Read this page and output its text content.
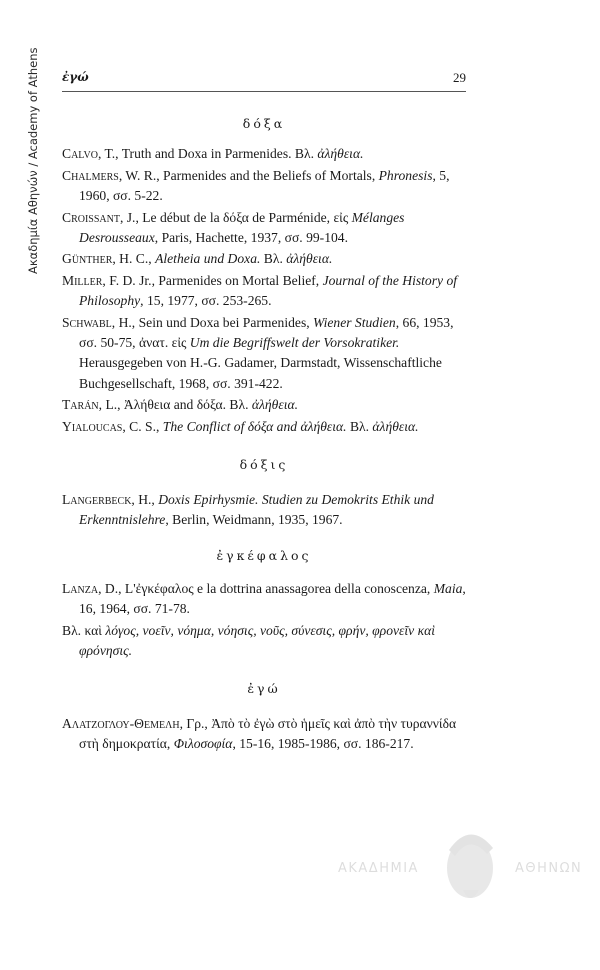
Ακαδημία Αθηνών / Academy of Athens ἐγώ	29
δόξα
Calvo, T., Truth and Doxa in Parmenides. Βλ. ἀλήθεια.
Chalmers, W. R., Parmenides and the Beliefs of Mortals, Phronesis, 5, 1960, σσ. 5-22.
Croissant, J., Le début de la δόξα de Parménide, εἰς Mélanges Desrousseaux, Paris, Hachette, 1937, σσ. 99-104.
Günther, H. C., Aletheia und Doxa. Βλ. ἀλήθεια.
Miller, F. D. Jr., Parmenides on Mortal Belief, Journal of the History of Philosophy, 15, 1977, σσ. 253-265.
Schwabl, H., Sein und Doxa bei Parmenides, Wiener Studien, 66, 1953, σσ. 50-75, ἀνατ. εἰς Um die Begriffswelt der Vorsokratiker. Herausgegeben von H.-G. Gadamer, Darmstadt, Wissenschaftliche Buchgesellschaft, 1968, σσ. 391-422.
Tarán, L., Ἀλήθεια and δόξα. Βλ. ἀλήθεια.
Yialoucas, C. S., The Conflict of δόξα and ἀλήθεια. Βλ. ἀλήθεια.
δόξις
Langerbeck, H., Doxis Epirhysmie. Studien zu Demokrits Ethik und Erkenntnislehre, Berlin, Weidmann, 1935, 1967.
ἐγκέφαλος
Lanza, D., L'ἐγκέφαλος e la dottrina anassagorea della conoscenza, Maia, 16, 1964, σσ. 71-78.
Βλ. καὶ λόγος, νοεῖν, νόημα, νόησις, νοῦς, σύνεσις, φρήν, φρονεῖν καὶ φρόνησις.
ἐγώ
Αλατζογλου-Θεμελη, Γρ., Ἀπὸ τὸ ἐγὼ στὸ ἡμεῖς καὶ ἀπὸ τὴν τυραννίδα στὴ δημοκρατία, Φιλοσοφία, 15-16, 1985-1986, σσ. 186-217.
ΑΚΑΔΗΜΙΑ	ΑΘΗΝΩΝ
